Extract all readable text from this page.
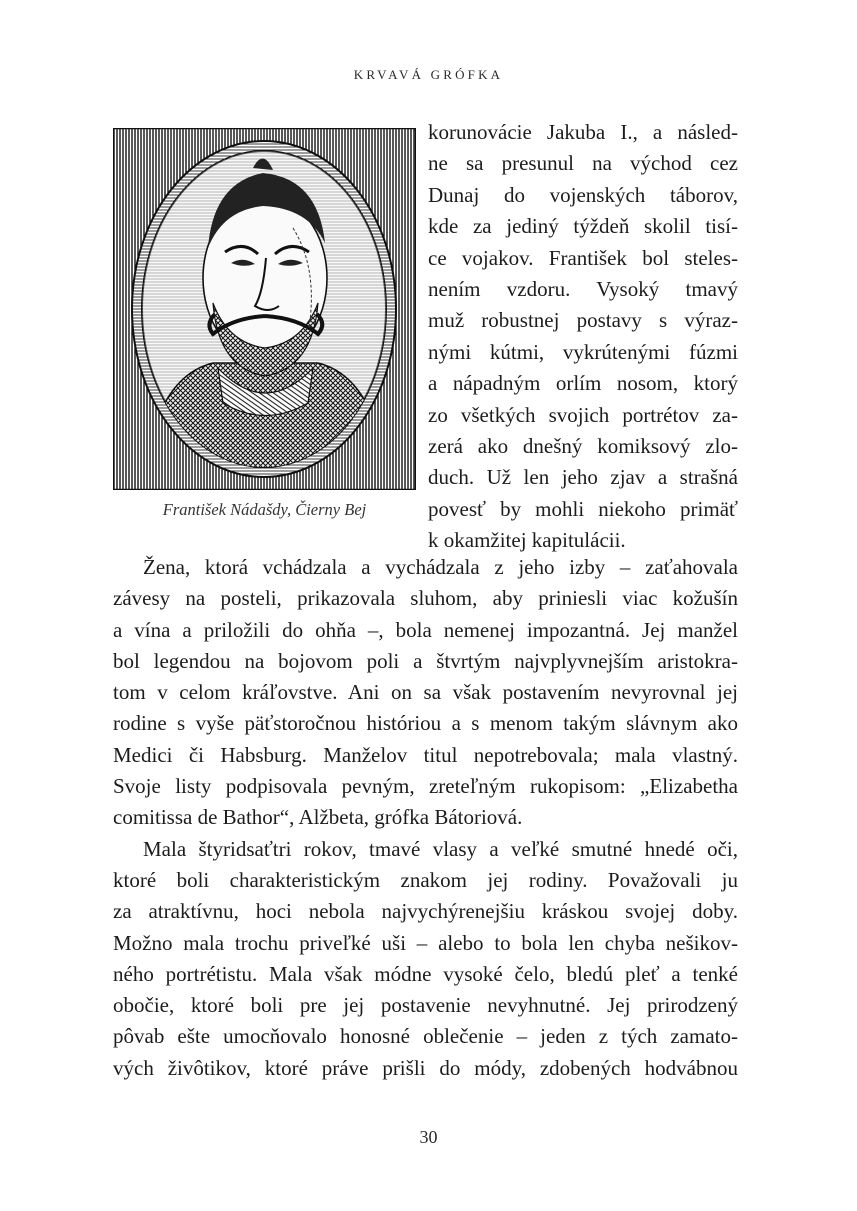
KRVAVÁ GRÓFKA
František Nádašdy, Čierny Bej
korunovácie Jakuba I., a násled-
ne sa presunul na východ cez
Dunaj do vojenských táborov,
kde za jediný týždeň skolil tisí-
ce vojakov. František bol steles-
nením vzdoru. Vysoký tmavý
muž robustnej postavy s výraz-
nými kútmi, vykrútenými fúzmi
a nápadným orlím nosom, ktorý
zo všetkých svojich portrétov za-
zerá ako dnešný komiksový zlo-
duch. Už len jeho zjav a strašná
povesť by mohli niekoho primäť
k okamžitej kapitulácii.
Žena, ktorá vchádzala a vychádzala z jeho izby – zaťahovala
závesy na posteli, prikazovala sluhom, aby priniesli viac kožušín
a vína a priložili do ohňa –, bola nemenej impozantná. Jej manžel
bol legendou na bojovom poli a štvrtým najvplyvnejším aristokra-
tom v celom kráľovstve. Ani on sa však postavením nevyrovnal jej
rodine s vyše päťstoročnou históriou a s menom takým slávnym ako
Medici či Habsburg. Manželov titul nepotrebovala; mala vlastný.
Svoje listy podpisovala pevným, zreteľným rukopisom: „Elizabetha
comitissa de Bathor“, Alžbeta, grófka Bátoriová.
Mala štyridsaťtri rokov, tmavé vlasy a veľké smutné hnedé oči,
ktoré boli charakteristickým znakom jej rodiny. Považovali ju
za atraktívnu, hoci nebola najvychýrenejšiu kráskou svojej doby.
Možno mala trochu priveľké uši – alebo to bola len chyba nešikov-
ného portrétistu. Mala však módne vysoké čelo, bledú pleť a tenké
obočie, ktoré boli pre jej postavenie nevyhnutné. Jej prirodzený
pôvab ešte umocňovalo honosné oblečenie – jeden z tých zamato-
vých živôtikov, ktoré práve prišli do módy, zdobených hodvábnou
30
